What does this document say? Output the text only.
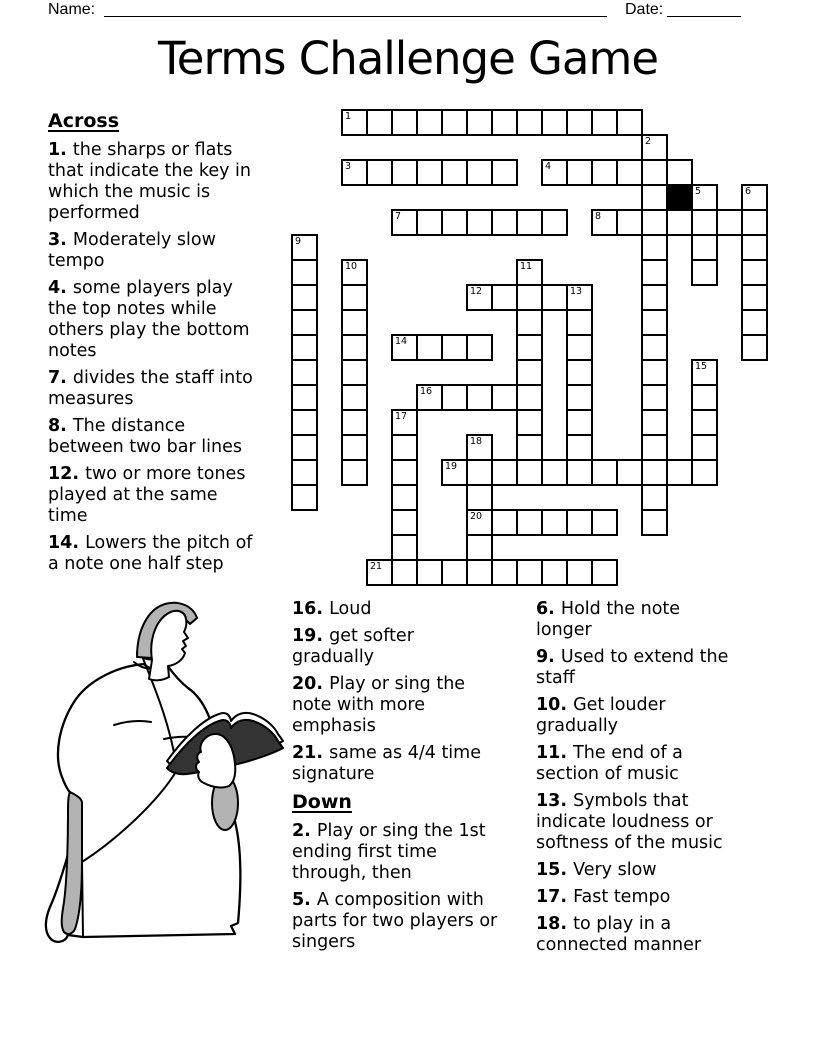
Name:	Date:
Terms Challenge Game
1
2
3	4
5	6
7	8
9
10	11
12	13
14
15
16
17
18
19
20
21
Across
1. the sharps or flats that indicate the key in which the music is performed
3. Moderately slow tempo
4. some players play the top notes while others play the bottom notes
7. divides the staff into measures
8. The distance between two bar lines
12. two or more tones played at the same time
14. Lowers the pitch of a note one half step
16. Loud
19. get softer gradually
20. Play or sing the note with more emphasis
21. same as 4/4 time signature
Down
2. Play or sing the 1st ending first time through, then
5. A composition with parts for two players or singers
6. Hold the note longer
9. Used to extend the staff
10. Get louder gradually
11. The end of a section of music
13. Symbols that indicate loudness or softness of the music
15. Very slow
17. Fast tempo
18. to play in a connected manner
